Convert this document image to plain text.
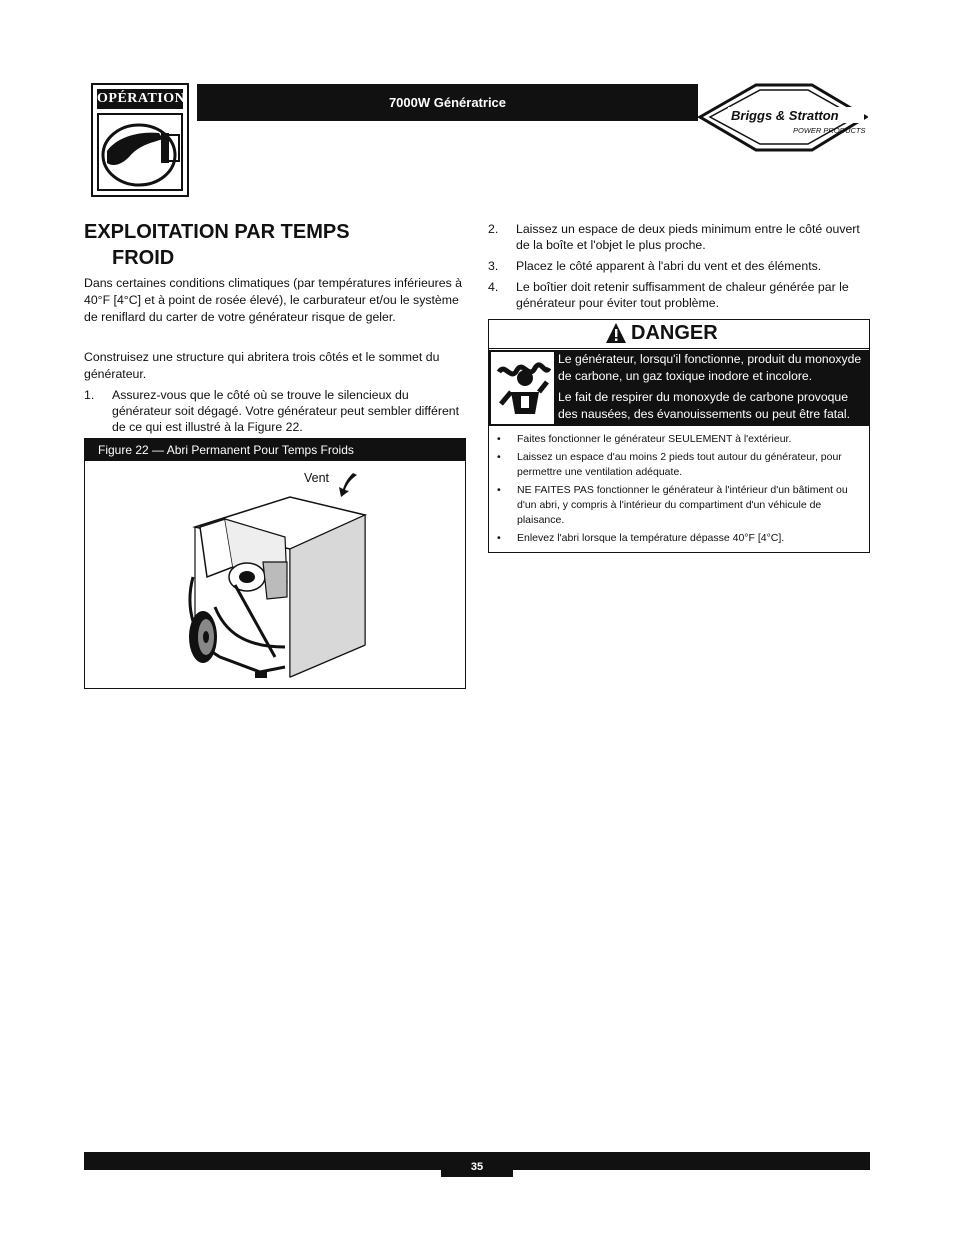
OPÉRATION	7000W Génératrice
Briggs & Stratton
POWER PRODUCTS
EXPLOITATION PAR TEMPS
FROID
Dans certaines conditions climatiques (par températures inférieures à 40°F [4°C] et à point de rosée élevé), le carburateur et/ou le système de reniflard du carter de votre générateur risque de geler.
Construisez une structure qui abritera trois côtés et le sommet du générateur.
1.	Assurez-vous que le côté où se trouve le silencieux du générateur soit dégagé. Votre générateur peut sembler différent de ce qui est illustré à la Figure 22.
Figure 22 — Abri Permanent Pour Temps Froids
Vent
2.	Laissez un espace de deux pieds minimum entre le côté ouvert de la boîte et l'objet le plus proche.
3.	Placez le côté apparent à l'abri du vent et des éléments.
4.	Le boîtier doit retenir suffisamment de chaleur générée par le générateur pour éviter tout problème.
DANGER

Le générateur, lorsqu'il fonctionne, produit du monoxyde de carbone, un gaz toxique inodore et incolore.

Le fait de respirer du monoxyde de carbone provoque des nausées, des évanouissements ou peut être fatal.

• Faites fonctionner le générateur SEULEMENT à l'extérieur.
• Laissez un espace d'au moins 2 pieds tout autour du générateur, pour permettre une ventilation adéquate.
• NE FAITES PAS fonctionner le générateur à l'intérieur d'un bâtiment ou d'un abri, y compris à l'intérieur du compartiment d'un véhicule de plaisance.
• Enlevez l'abri lorsque la température dépasse 40°F [4°C].
35
